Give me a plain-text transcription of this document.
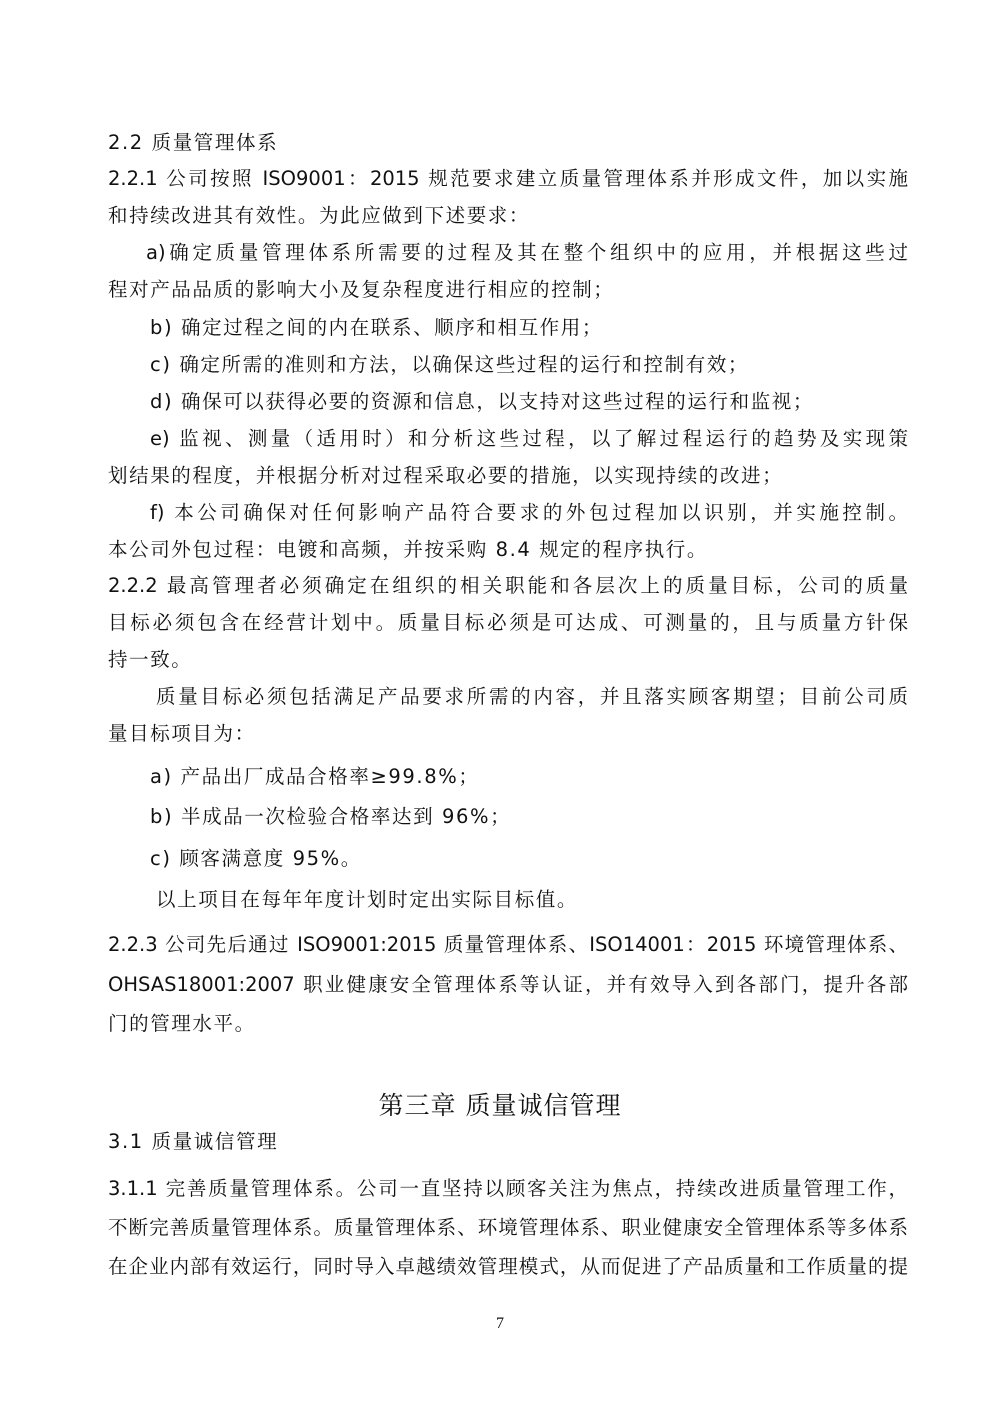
2.2 质量管理体系
2.2.1 公司按照 ISO9001：2015 规范要求建立质量管理体系并形成文件，加以实施
和持续改进其有效性。为此应做到下述要求：
a)确定质量管理体系所需要的过程及其在整个组织中的应用，并根据这些过
程对产品品质的影响大小及复杂程度进行相应的控制；
b) 确定过程之间的内在联系、顺序和相互作用；
c) 确定所需的准则和方法，以确保这些过程的运行和控制有效；
d) 确保可以获得必要的资源和信息，以支持对这些过程的运行和监视；
e) 监视、测量（适用时）和分析这些过程，以了解过程运行的趋势及实现策
划结果的程度，并根据分析对过程采取必要的措施，以实现持续的改进；
f) 本公司确保对任何影响产品符合要求的外包过程加以识别，并实施控制。
本公司外包过程：电镀和高频，并按采购 8.4 规定的程序执行。
2.2.2 最高管理者必须确定在组织的相关职能和各层次上的质量目标，公司的质量
目标必须包含在经营计划中。质量目标必须是可达成、可测量的，且与质量方针保
持一致。
质量目标必须包括满足产品要求所需的内容，并且落实顾客期望；目前公司质
量目标项目为：
a) 产品出厂成品合格率≥99.8%；
b) 半成品一次检验合格率达到 96%；
c) 顾客满意度 95%。
以上项目在每年年度计划时定出实际目标值。
2.2.3 公司先后通过 ISO9001:2015 质量管理体系、ISO14001：2015 环境管理体系、
OHSAS18001:2007 职业健康安全管理体系等认证，并有效导入到各部门，提升各部
门的管理水平。
第三章 质量诚信管理
3.1 质量诚信管理
3.1.1 完善质量管理体系。公司一直坚持以顾客关注为焦点，持续改进质量管理工作，
不断完善质量管理体系。质量管理体系、环境管理体系、职业健康安全管理体系等多体系
在企业内部有效运行，同时导入卓越绩效管理模式，从而促进了产品质量和工作质量的提
7
